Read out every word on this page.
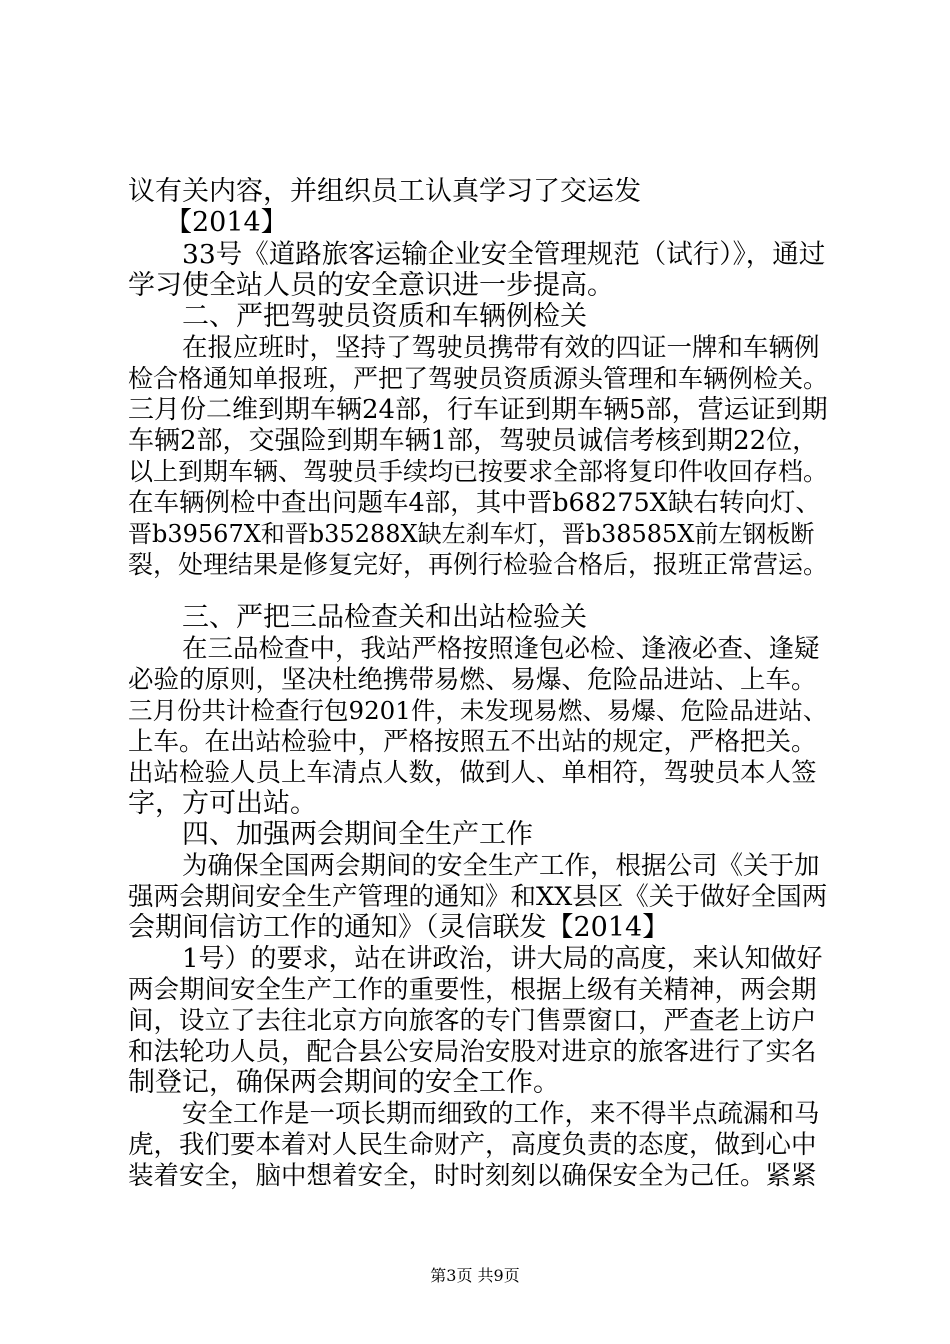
议有关内容，并组织员工认真学习了交运发
【2014】
33号《道路旅客运输企业安全管理规范（试行）》，通过
学习使全站人员的安全意识进一步提高。
二、严把驾驶员资质和车辆例检关
在报应班时，坚持了驾驶员携带有效的四证一牌和车辆例
检合格通知单报班，严把了驾驶员资质源头管理和车辆例检关。
三月份二维到期车辆24部，行车证到期车辆5部，营运证到期
车辆2部，交强险到期车辆1部，驾驶员诚信考核到期22位，
以上到期车辆、驾驶员手续均已按要求全部将复印件收回存档。
在车辆例检中查出问题车4部，其中晋b68275X缺右转向灯、
晋b39567X和晋b35288X缺左刹车灯，晋b38585X前左钢板断
裂，处理结果是修复完好，再例行检验合格后，报班正常营运。
三、严把三品检查关和出站检验关
在三品检查中，我站严格按照逢包必检、逢液必查、逢疑
必验的原则，坚决杜绝携带易燃、易爆、危险品进站、上车。
三月份共计检查行包9201件，未发现易燃、易爆、危险品进站、
上车。在出站检验中，严格按照五不出站的规定，严格把关。
出站检验人员上车清点人数，做到人、单相符，驾驶员本人签
字，方可出站。
四、加强两会期间全生产工作
为确保全国两会期间的安全生产工作，根据公司《关于加
强两会期间安全生产管理的通知》和XX县区《关于做好全国两
会期间信访工作的通知》（灵信联发【2014】
1号）的要求，站在讲政治，讲大局的高度，来认知做好
两会期间安全生产工作的重要性，根据上级有关精神，两会期
间，设立了去往北京方向旅客的专门售票窗口，严查老上访户
和法轮功人员，配合县公安局治安股对进京的旅客进行了实名
制登记，确保两会期间的安全工作。
安全工作是一项长期而细致的工作，来不得半点疏漏和马
虎，我们要本着对人民生命财产，高度负责的态度，做到心中
装着安全，脑中想着安全，时时刻刻以确保安全为己任。紧紧
第3页 共9页
